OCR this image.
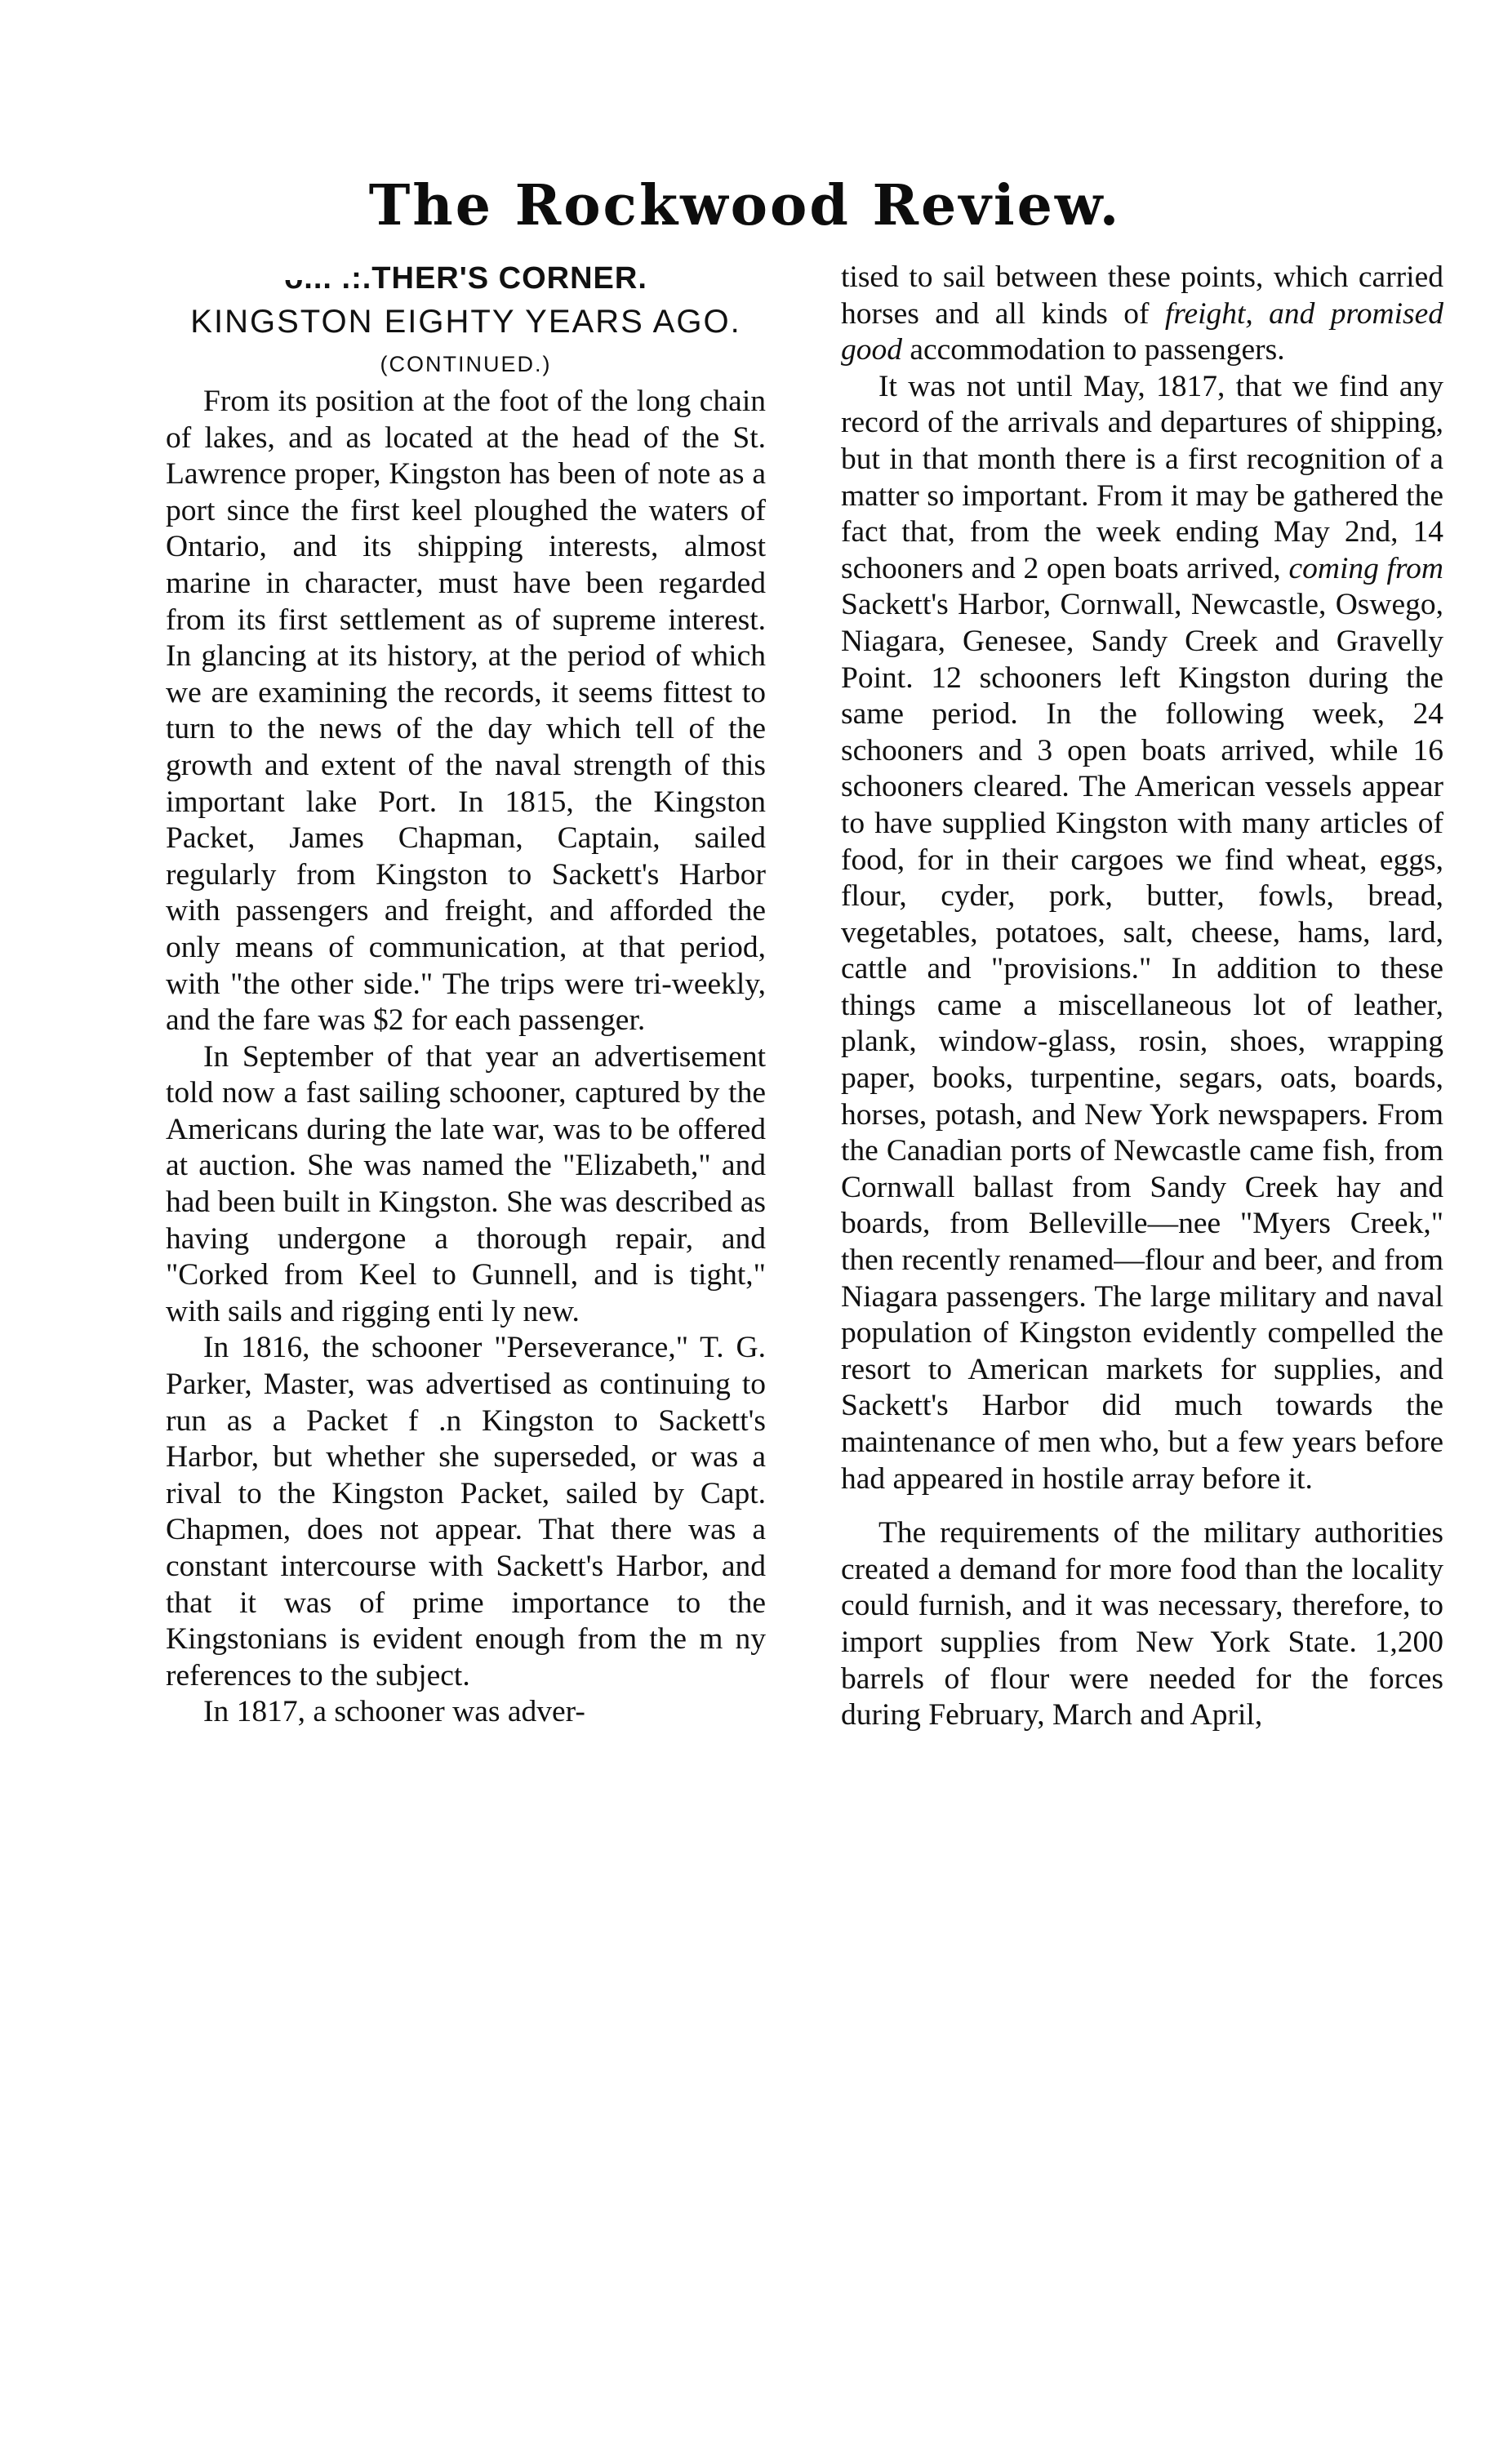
The Rockwood Review.
ᴗ... .:.THER'S CORNER.
KINGSTON EIGHTY YEARS AGO.
(CONTINUED.)

From its position at the foot of the long chain of lakes, and as located at the head of the St. Lawrence proper, Kingston has been of note as a port since the first keel ploughed the waters of Ontario, and its shipping interests, almost marine in character, must have been regarded from its first settlement as of supreme interest. In glancing at its history, at the period of which we are examining the records, it seems fittest to turn to the news of the day which tell of the growth and extent of the naval strength of this important lake Port. In 1815, the Kingston Packet, James Chapman, Captain, sailed regularly from Kingston to Sackett's Harbor with passengers and freight, and afforded the only means of communication, at that period, with "the other side." The trips were tri-weekly, and the fare was $2 for each passenger.

In September of that year an advertisement told now a fast sailing schooner, captured by the Americans during the late war, was to be offered at auction. She was named the "Elizabeth," and had been built in Kingston. She was described as having undergone a thorough repair, and "Corked from Keel to Gunnell, and is tight," with sails and rigging enti ly new.

In 1816, the schooner "Perseverance," T. G. Parker, Master, was advertised as continuing to run as a Packet f .n Kingston to Sackett's Harbor, but whether she superseded, or was a rival to the Kingston Packet, sailed by Capt. Chapmen, does not appear. That there was a constant intercourse with Sackett's Harbor, and that it was of prime importance to the Kingstonians is evident enough from the m ny references to the subject.

In 1817, a schooner was adver-

tised to sail between these points, which carried horses and all kinds of freight, and promised good accommodation to passengers.

It was not until May, 1817, that we find any record of the arrivals and departures of shipping, but in that month there is a first recognition of a matter so important. From it may be gathered the fact that, from the week ending May 2nd, 14 schooners and 2 open boats arrived, coming from Sackett's Harbor, Cornwall, Newcastle, Oswego, Niagara, Genesee, Sandy Creek and Gravelly Point. 12 schooners left Kingston during the same period. In the following week, 24 schooners and 3 open boats arrived, while 16 schooners cleared. The American vessels appear to have supplied Kingston with many articles of food, for in their cargoes we find wheat, eggs, flour, cyder, pork, butter, fowls, bread, vegetables, potatoes, salt, cheese, hams, lard, cattle and "provisions." In addition to these things came a miscellaneous lot of leather, plank, window-glass, rosin, shoes, wrapping paper, books, turpentine, segars, oats, boards, horses, potash, and New York newspapers. From the Canadian ports of Newcastle came fish, from Cornwall ballast from Sandy Creek hay and boards, from Belleville—nee "Myers Creek," then recently renamed—flour and beer, and from Niagara passengers. The large military and naval population of Kingston evidently compelled the resort to American markets for supplies, and Sackett's Harbor did much towards the maintenance of men who, but a few years before had appeared in hostile array before it.

The requirements of the military authorities created a demand for more food than the locality could furnish, and it was necessary, therefore, to import supplies from New York State. 1,200 barrels of flour were needed for the forces during February, March and April,
